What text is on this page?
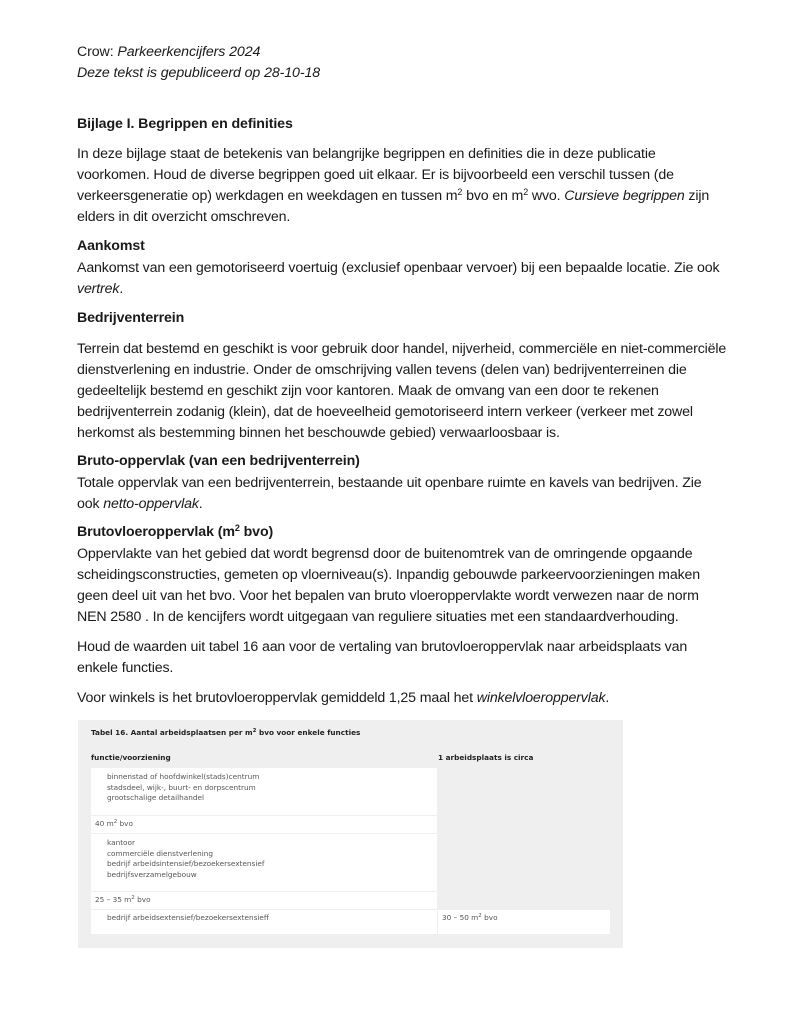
Crow: Parkeerkencijfers 2024
Deze tekst is gepubliceerd op 28-10-18
Bijlage I. Begrippen en definities
In deze bijlage staat de betekenis van belangrijke begrippen en definities die in deze publicatie voorkomen. Houd de diverse begrippen goed uit elkaar. Er is bijvoorbeeld een verschil tussen (de verkeersgeneratie op) werkdagen en weekdagen en tussen $m^2$ bvo en $m^2$ wvo. Cursieve begrippen zijn elders in dit overzicht omschreven.
Aankomst
Aankomst van een gemotoriseerd voertuig (exclusief openbaar vervoer) bij een bepaalde locatie. Zie ook vertrek.
Bedrijventerrein
Terrein dat bestemd en geschikt is voor gebruik door handel, nijverheid, commerciële en niet-commerciële dienstverlening en industrie. Onder de omschrijving vallen tevens (delen van) bedrijventerreinen die gedeeltelijk bestemd en geschikt zijn voor kantoren. Maak de omvang van een door te rekenen bedrijventerrein zodanig (klein), dat de hoeveelheid gemotoriseerd intern verkeer (verkeer met zowel herkomst als bestemming binnen het beschouwde gebied) verwaarloosbaar is.
Bruto-oppervlak (van een bedrijventerrein)
Totale oppervlak van een bedrijventerrein, bestaande uit openbare ruimte en kavels van bedrijven. Zie ook netto-oppervlak.
Brutovloeroppervlak ($m^2$ bvo)
Oppervlakte van het gebied dat wordt begrensd door de buitenomtrek van de omringende opgaande scheidingsconstructies, gemeten op vloerniveau(s). Inpandig gebouwde parkeervoorzieningen maken geen deel uit van het bvo. Voor het bepalen van bruto vloeroppervlakte wordt verwezen naar de norm NEN 2580 . In de kencijfers wordt uitgegaan van reguliere situaties met een standaardverhouding.
Houd de waarden uit tabel 16 aan voor de vertaling van brutovloeroppervlak naar arbeidsplaats van enkele functies.
Voor winkels is het brutovloeroppervlak gemiddeld 1,25 maal het winkelvloeroppervlak.
Tabel 16. Aantal arbeidsplaatsen per $m^2$ bvo voor enkele functies
functie/voorziening	1 arbeidsplaats is circa
binnenstad of hoofdwinkel(stads)centrum
stadsdeel, wijk-, buurt- en dorpscentrum
grootschalige detailhandel
40 $m^2$ bvo
kantoor
commerciële dienstverlening
bedrijf arbeidsintensief/bezoekersextensief
bedrijfsverzamelgebouw
25 – 35 $m^2$ bvo
bedrijf arbeidsextensief/bezoekersextensieff	30 – 50 $m^2$ bvo
